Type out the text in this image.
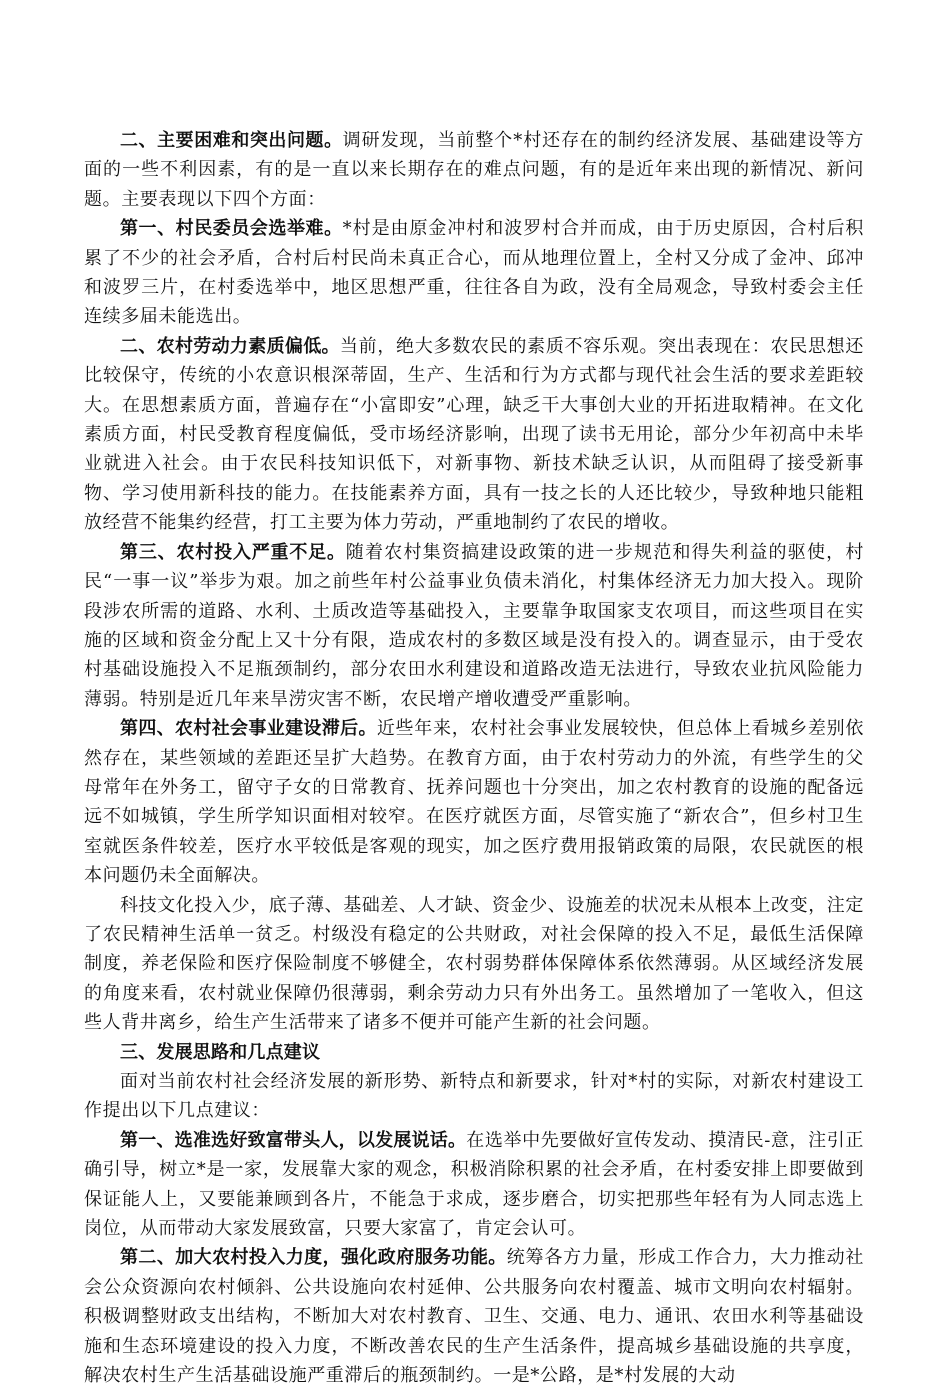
二、主要困难和突出问题。调研发现，当前整个*村还存在的制约经济发展、基础建设等方面的一些不利因素，有的是一直以来长期存在的难点问题，有的是近年来出现的新情况、新问题。主要表现以下四个方面：

第一、村民委员会选举难。*村是由原金冲村和波罗村合并而成，由于历史原因，合村后积累了不少的社会矛盾，合村后村民尚未真正合心，而从地理位置上，全村又分成了金冲、邱冲和波罗三片，在村委选举中，地区思想严重，往往各自为政，没有全局观念，导致村委会主任连续多届未能选出。

二、农村劳动力素质偏低。当前，绝大多数农民的素质不容乐观。突出表现在：农民思想还比较保守，传统的小农意识根深蒂固，生产、生活和行为方式都与现代社会生活的要求差距较大。在思想素质方面，普遍存在“小富即安”心理，缺乏干大事创大业的开拓进取精神。在文化素质方面，村民受教育程度偏低，受市场经济影响，出现了读书无用论，部分少年初高中未毕业就进入社会。由于农民科技知识低下，对新事物、新技术缺乏认识，从而阻碍了接受新事物、学习使用新科技的能力。在技能素养方面，具有一技之长的人还比较少，导致种地只能粗放经营不能集约经营，打工主要为体力劳动，严重地制约了农民的增收。

第三、农村投入严重不足。随着农村集资搞建设政策的进一步规范和得失利益的驱使，村民“一事一议”举步为艰。加之前些年村公益事业负债未消化，村集体经济无力加大投入。现阶段涉农所需的道路、水利、土质改造等基础投入，主要靠争取国家支农项目，而这些项目在实施的区域和资金分配上又十分有限，造成农村的多数区域是没有投入的。调查显示，由于受农村基础设施投入不足瓶颈制约，部分农田水利建设和道路改造无法进行，导致农业抗风险能力薄弱。特别是近几年来旱涝灾害不断，农民增产增收遭受严重影响。

第四、农村社会事业建设滞后。近些年来，农村社会事业发展较快，但总体上看城乡差别依然存在，某些领域的差距还呈扩大趋势。在教育方面，由于农村劳动力的外流，有些学生的父母常年在外务工，留守子女的日常教育、抚养问题也十分突出，加之农村教育的设施的配备远远不如城镇，学生所学知识面相对较窄。在医疗就医方面，尽管实施了“新农合”，但乡村卫生室就医条件较差，医疗水平较低是客观的现实，加之医疗费用报销政策的局限，农民就医的根本问题仍未全面解决。

科技文化投入少，底子薄、基础差、人才缺、资金少、设施差的状况未从根本上改变，注定了农民精神生活单一贫乏。村级没有稳定的公共财政，对社会保障的投入不足，最低生活保障制度，养老保险和医疗保险制度不够健全，农村弱势群体保障体系依然薄弱。从区域经济发展的角度来看，农村就业保障仍很薄弱，剩余劳动力只有外出务工。虽然增加了一笔收入，但这些人背井离乡，给生产生活带来了诸多不便并可能产生新的社会问题。

三、发展思路和几点建议

面对当前农村社会经济发展的新形势、新特点和新要求，针对*村的实际，对新农村建设工作提出以下几点建议：

第一、选准选好致富带头人，以发展说话。在选举中先要做好宣传发动、摸清民-意，注引正确引导，树立*是一家，发展靠大家的观念，积极消除积累的社会矛盾，在村委安排上即要做到保证能人上，又要能兼顾到各片，不能急于求成，逐步磨合，切实把那些年轻有为人同志选上岗位，从而带动大家发展致富，只要大家富了，肯定会认可。

第二、加大农村投入力度，强化政府服务功能。统筹各方力量，形成工作合力，大力推动社会公众资源向农村倾斜、公共设施向农村延伸、公共服务向农村覆盖、城市文明向农村辐射。积极调整财政支出结构，不断加大对农村教育、卫生、交通、电力、通讯、农田水利等基础设施和生态环境建设的投入力度，不断改善农民的生产生活条件，提高城乡基础设施的共享度，解决农村生产生活基础设施严重滞后的瓶颈制约。一是*公路，是*村发展的大动
